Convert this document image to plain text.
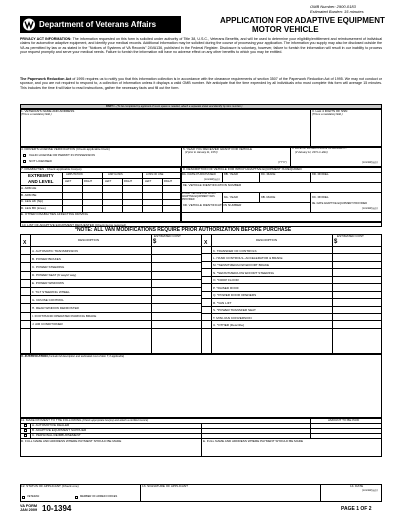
OMB Number: 2900-0183
Estimated Burden: 15 minutes
Department of Veterans Affairs	APPLICATION FOR ADAPTIVE EQUIPMENT
MOTOR VEHICLE
PRIVACY ACT INFORMATION: The information requested on this form is solicited under authority of Title 38, U.S.C., Veterans Benefits, and will be used to determine your eligibility/entitlement and reimbursement of individual claims for automotive adaptive equipment, and identify your medical records. Additional information may be solicited during the course of processing your application. The information you supply may also be disclosed outside the VA as permitted by law or as stated in the "Notices of Systems of VA Records" 24VA136, published in the Federal Register. Disclosure is voluntary, however, failure to furnish the information will result in our inability to process your request promptly and serve your medical needs. Failure to furnish the information will have no adverse effect on any other benefits to which you may be entitled.
The Paperwork Reduction Act of 1995 requires us to notify you that this information collection is in accordance with the clearance requirements of section 3507 of the Paperwork Reduction Act of 1995. We may not conduct or sponsor, and you are not required to respond to, a collection of information unless it displays a valid OMB number. We anticipate that the time expended by all individuals who must complete this form will average 15 minutes. This includes the time it will take to read instructions, gather the necessary facts and fill out the form.
PART I - (To be completed by applicant-If more space is needed, attach a separate sheet and identify by item number.)
1. VETERAN'S NAME AND ADDRESS
(This is a mandatory field.)
3. Last 4 DIGITS OF SSN
(This is a mandatory field.)
4. DRIVER'S LICENSE VERIFICATION (Check applicable block)
VALID LICENSE OR PERMIT IN POSSESSION
NOT LICENSED
5. YEAR YOU RECEIVED GRANT FOR VEHICLE
(If prior to January 11, 1971)
(YYYY)
6. DATE OF VA CERTIFICATE OF ELIGIBILITY
(If January 11, 1971 or after)
(mm/dd/yyyy)
7. DISABILITIES - Check applicable box(es)
EXTREMITY
AND LEVEL
AMPUTATION	ANKYLOSIS	LOSS OF USE
LEFT	RIGHT	LEFT	RIGHT	LEFT	RIGHT
A. ARM AE
B. ARM BE
C. LEG AK (hip)
D. LEG BK (knee)
E. OTHER DISABILITIES AFFECTING DRIVING
8. DESCRIPTION OF VEHICLE FOR WHICH ADAPTIVE EQUIPMENT IS REQUIRED
8A. DATE PURCHASED	8B. YEAR	8C. MAKE	8D. MODEL
(mm/dd/yyyy)
8E. VEHICLE IDENTIFICATION NUMBER
9. LAST VEHICLE FOR WHICH ADAPTIVE EQUIPMENT WAS PROVIDED
9A. YEAR	9B. MAKE	9C. MODEL
9D. VEHICLE IDENTIFICATION NUMBER	9E. DATE ADAPTIVE EQUIPMENT PROVIDED
(mm/dd/yyyy)
10. LIST OF ADAPTIVE EQUIPMENT REQUESTED (Check items required)
*NOTE: ALL VAN MODIFICATIONS REQUIRE PRIOR AUTHORIZATION BEFORE PURCHASE
X	X
DESCRIPTION	DESCRIPTION
ESTIMATED COST	ESTIMATED COST
$	$
A. AUTOMATIC TRANSMISSION
B. POWER BRAKES
C. POWER STEERING
D. POWER SEAT (6 way/2 way)
E. POWER WINDOWS
F. TILT STEERING WHEEL
G. CRUISE CONTROL
H. REAR WINDOW DEFROSTER
I. FOOT/HAND OPERATED PARKING BRAKE
J. AIR CONDITIONER
K. TRANSFER OF CONTROLS
L. HAND CONTROLS--ACCELERATOR & BRAKE
M. *SENSITIZED/LOW EFFORT BRAKE
N. *SENSITIZED/LOW EFFORT STEERING
O. *DROP FLOOR
P. *RAISED ROOF
Q. *POWER DOOR OPENERS
R. *VAN LIFT
S. *POWER TRANSFER SEAT
T. MINI-VAN CONVERSION
U. *OTHER (Describe)
V. JUSTIFICATION (Include full description and estimated cost of item T, if applicable)
11. MAKE PAYMENT TO THE FOLLOWING (Check appropriate box(es) and attach a certified invoice)	AMOUNT TO BE PAID
A. AUTOMOTIVE DEALER
B. ADAPTIVE EQUIPMENT SUPPLIER
C. PERSONAL REIMBURSEMENT
D. FULL NAME AND ADDRESS WHERE PAYMENT SHOULD BE MADE	E. FULL NAME AND ADDRESS WHERE PAYMENT SHOULD BE MADE
12. STATUS OF APPLICANT (Check one)
VETERAN	MEMBER OF ARMED FORCES
13. SIGNATURE OF APPLICANT	14. DATE
(mm/dd/yyyy)
VA FORM
JAN 2009 10-1394	PAGE 1 OF 2
